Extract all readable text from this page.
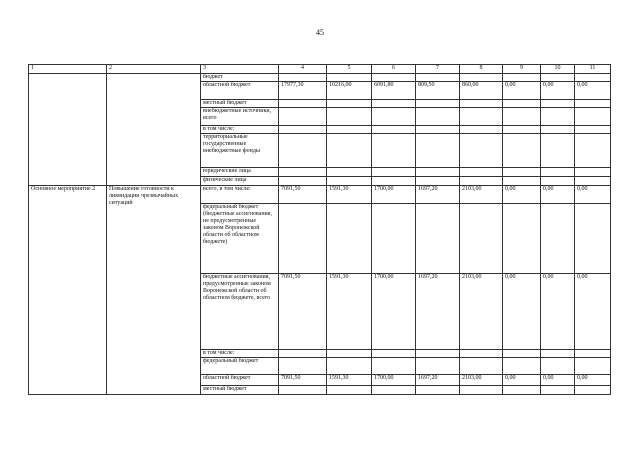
45
1	2	3	4	5	6	7	8	9	10	11
		бюджет								
		областной бюджет	17977,30	10216,00	6091,80	809,50	860,00	0,00	0,00	0,00
		местный бюджет								
		внебюджетные источники, всего								
		в том числе:								
		территориальные государственные внебюджетные фонды								
		юридические лица								
		физические лица								
Основное мероприятие 2	Повышение готовности к ликвидации чрезвычайных ситуаций	всего, в том числе:	7091,50	1591,30	1700,00	1697,20	2103,00	0,00	0,00	0,00
		федеральный бюджет (бюджетные ассигнования, не предусмотренные законом Воронежской области об областном бюджете)								
		бюджетные ассигнования, предусмотренные законом Воронежской области об областном бюджете, всего	7091,50	1591,30	1700,00	1697,20	2103,00	0,00	0,00	0,00
		в том числе:								
		федеральный бюджет								
		областной бюджет	7091,50	1591,30	1700,00	1697,20	2103,00	0,00	0,00	0,00
		местный бюджет								
